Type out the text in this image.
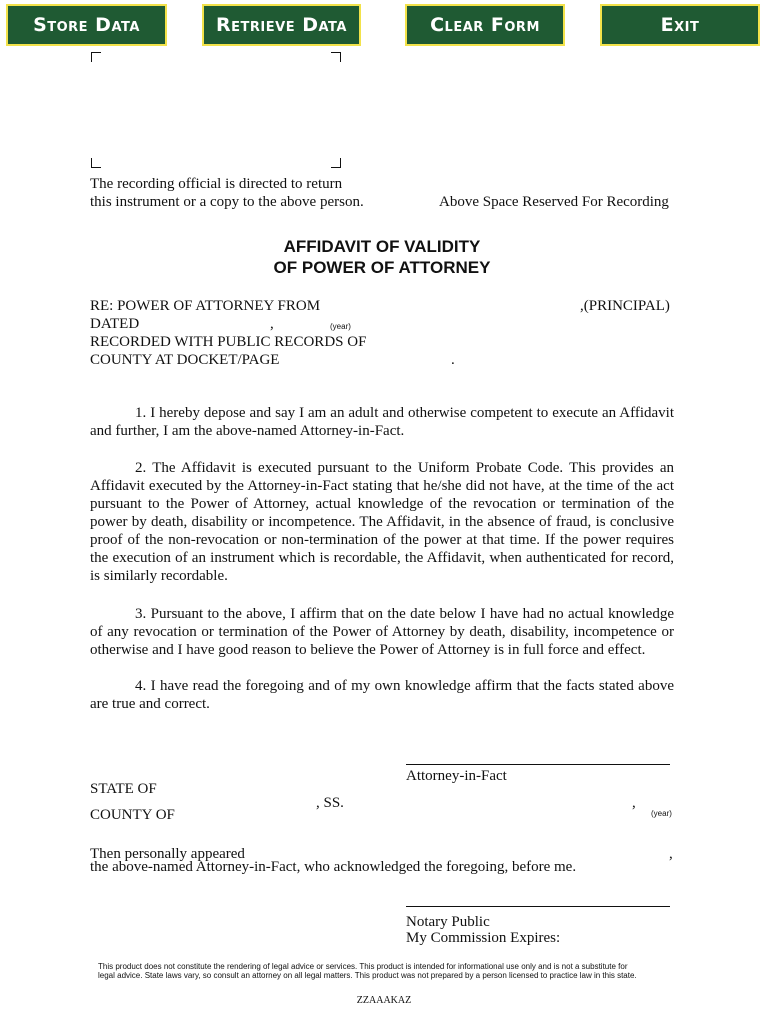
Store Data	Retrieve Data	Clear Form	Exit
The recording official is directed to return
this instrument or a copy to the above person.	Above Space Reserved For Recording
AFFIDAVIT OF VALIDITY
OF POWER OF ATTORNEY
RE: POWER OF ATTORNEY FROM	,(PRINCIPAL)
DATED	,	(year)
RECORDED WITH PUBLIC RECORDS OF
COUNTY AT DOCKET/PAGE	.
1. I hereby depose and say I am an adult and otherwise competent to execute an Affidavit and further, I am the above-named Attorney-in-Fact.
2. The Affidavit is executed pursuant to the Uniform Probate Code. This provides an Affidavit executed by the Attorney-in-Fact stating that he/she did not have, at the time of the act pursuant to the Power of Attorney, actual knowledge of the revocation or termination of the power by death, disability or incompetence. The Affidavit, in the absence of fraud, is conclusive proof of the non-revocation or non-termination of the power at that time. If the power requires the execution of an instrument which is recordable, the Affidavit, when authenticated for record, is similarly recordable.
3. Pursuant to the above, I affirm that on the date below I have had no actual knowledge of any revocation or termination of the Power of Attorney by death, disability, incompetence or otherwise and I have good reason to believe the Power of Attorney is in full force and effect.
4. I have read the foregoing and of my own knowledge affirm that the facts stated above are true and correct.
Attorney-in-Fact
STATE OF
, SS.	,
(year)
COUNTY OF
Then personally appeared	,
the above-named Attorney-in-Fact, who acknowledged the foregoing, before me.
Notary Public
My Commission Expires:
This product does not constitute the rendering of legal advice or services. This product is intended for informational use only and is not a substitute for
legal advice. State laws vary, so consult an attorney on all legal matters. This product was not prepared by a person licensed to practice law in this state.
ZZAAAKAZ
